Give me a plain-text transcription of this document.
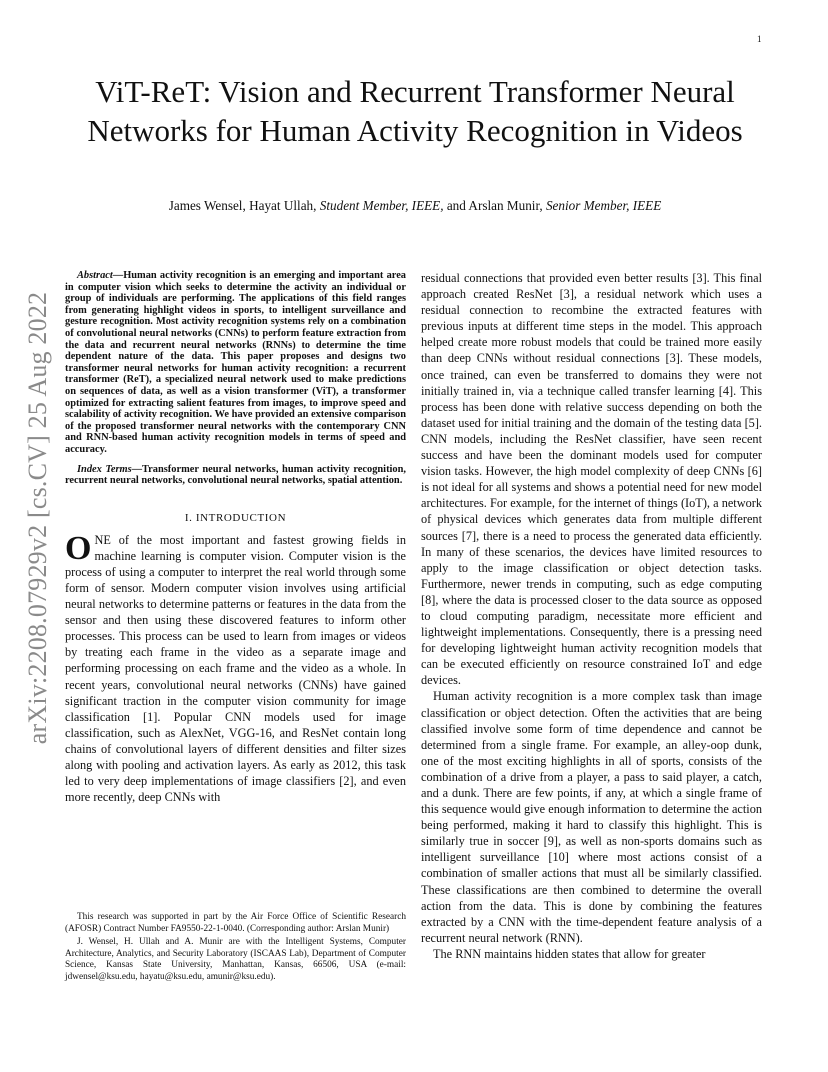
1
arXiv:2208.07929v2 [cs.CV] 25 Aug 2022
ViT-ReT: Vision and Recurrent Transformer Neural Networks for Human Activity Recognition in Videos
James Wensel, Hayat Ullah, Student Member, IEEE, and Arslan Munir, Senior Member, IEEE

Abstract—Human activity recognition is an emerging and important area in computer vision which seeks to determine the activity an individual or group of individuals are performing. The applications of this field ranges from generating highlight videos in sports, to intelligent surveillance and gesture recognition. Most activity recognition systems rely on a combination of convolutional neural networks (CNNs) to perform feature extraction from the data and recurrent neural networks (RNNs) to determine the time dependent nature of the data. This paper proposes and designs two transformer neural networks for human activity recognition: a recurrent transformer (ReT), a specialized neural network used to make predictions on sequences of data, as well as a vision transformer (ViT), a transformer optimized for extracting salient features from images, to improve speed and scalability of activity recognition. We have provided an extensive comparison of the proposed transformer neural networks with the contemporary CNN and RNN-based human activity recognition models in terms of speed and accuracy.

Index Terms—Transformer neural networks, human activity recognition, recurrent neural networks, convolutional neural networks, spatial attention.

I. INTRODUCTION

ONE of the most important and fastest growing fields in machine learning is computer vision. Computer vision is the process of using a computer to interpret the real world through some form of sensor. Modern computer vision involves using artificial neural networks to determine patterns or features in the data from the sensor and then using these discovered features to inform other processes. This process can be used to learn from images or videos by treating each frame in the video as a separate image and performing processing on each frame and the video as a whole. In recent years, convolutional neural networks (CNNs) have gained significant traction in the computer vision community for image classification [1]. Popular CNN models used for image classification, such as AlexNet, VGG-16, and ResNet contain long chains of convolutional layers of different densities and filter sizes along with pooling and activation layers. As early as 2012, this task led to very deep implementations of image classifiers [2], and even more recently, deep CNNs with

This research was supported in part by the Air Force Office of Scientific Research (AFOSR) Contract Number FA9550-22-1-0040. (Corresponding author: Arslan Munir)

J. Wensel, H. Ullah and A. Munir are with the Intelligent Systems, Computer Architecture, Analytics, and Security Laboratory (ISCAAS Lab), Department of Computer Science, Kansas State University, Manhattan, Kansas, 66506, USA (e-mail: jdwensel@ksu.edu, hayatu@ksu.edu, amunir@ksu.edu).

residual connections that provided even better results [3]. This final approach created ResNet [3], a residual network which uses a residual connection to recombine the extracted features with previous inputs at different time steps in the model. This approach helped create more robust models that could be trained more easily than deep CNNs without residual connections [3]. These models, once trained, can even be transferred to domains they were not initially trained in, via a technique called transfer learning [4]. This process has been done with relative success depending on both the dataset used for initial training and the domain of the testing data [5]. CNN models, including the ResNet classifier, have seen recent success and have been the dominant models used for computer vision tasks. However, the high model complexity of deep CNNs [6] is not ideal for all systems and shows a potential need for new model architectures. For example, for the internet of things (IoT), a network of physical devices which generates data from multiple different sources [7], there is a need to process the generated data efficiently. In many of these scenarios, the devices have limited resources to apply to the image classification or object detection tasks. Furthermore, newer trends in computing, such as edge computing [8], where the data is processed closer to the data source as opposed to cloud computing paradigm, necessitate more efficient and lightweight implementations. Consequently, there is a pressing need for developing lightweight human activity recognition models that can be executed efficiently on resource constrained IoT and edge devices.

Human activity recognition is a more complex task than image classification or object detection. Often the activities that are being classified involve some form of time dependence and cannot be determined from a single frame. For example, an alley-oop dunk, one of the most exciting highlights in all of sports, consists of the combination of a drive from a player, a pass to said player, a catch, and a dunk. There are few points, if any, at which a single frame of this sequence would give enough information to determine the action being performed, making it hard to classify this highlight. This is similarly true in soccer [9], as well as non-sports domains such as intelligent surveillance [10] where most actions consist of a combination of smaller actions that must all be similarly classified. These classifications are then combined to determine the overall action from the data. This is done by combining the features extracted by a CNN with the time-dependent feature analysis of a recurrent neural network (RNN).

The RNN maintains hidden states that allow for greater
